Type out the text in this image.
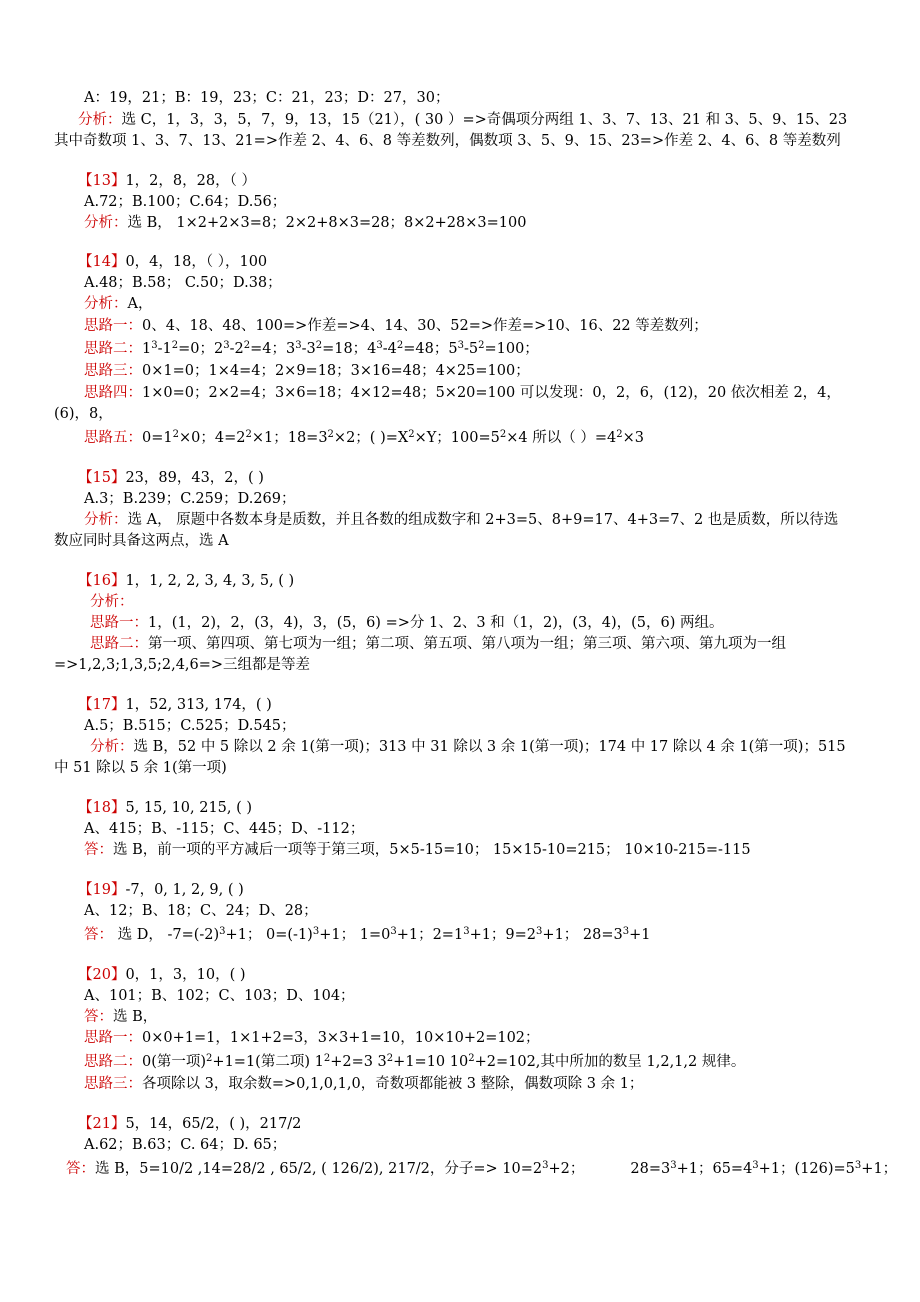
A：19，21；B：19，23；C：21，23；D：27，30；
分析：选 C，1，3，3，5，7，9，13，15（21），( 30 ）=>奇偶项分两组 1、3、7、13、21 和 3、5、9、15、23
其中奇数项 1、3、7、13、21=>作差 2、4、6、8 等差数列，偶数项 3、5、9、15、23=>作差 2、4、6、8 等差数列
【13】1，2，8，28，（ ）
A.72；B.100；C.64；D.56；
分析：选 B， 1×2+2×3=8；2×2+8×3=28；8×2+28×3=100
【14】0，4，18，（ ），100
A.48；B.58； C.50；D.38；
分析：A，
思路一：0、4、18、48、100=>作差=>4、14、30、52=>作差=>10、16、22 等差数列；
思路二：$1^3-1^2=0$；$2^3-2^2=4$；$3^3-3^2=18$；$4^3-4^2=48$；$5^3-5^2=100$；
思路三：0×1=0；1×4=4；2×9=18；3×16=48；4×25=100；
思路四：1×0=0；2×2=4；3×6=18；4×12=48；5×20=100 可以发现：0，2，6，(12)，20 依次相差 2，4，
(6)，8，
思路五：$0=1^2\times 0$；$4=2^2\times 1$；$18=3^2\times 2$；( )$=X^2\times Y$；$100=5^2\times 4$ 所以（ ）$=4^2\times 3$
【15】23，89，43，2，( )
A.3；B.239；C.259；D.269；
分析：选 A， 原题中各数本身是质数，并且各数的组成数字和 2+3=5、8+9=17、4+3=7、2 也是质数，所以待选
数应同时具备这两点，选 A
【16】1，1, 2, 2, 3, 4, 3, 5, ( )
分析：
思路一：1，(1，2)，2，(3，4)，3，(5，6) =>分 1、2、3 和（1，2)，(3，4)，(5，6) 两组。
思路二：第一项、第四项、第七项为一组；第二项、第五项、第八项为一组；第三项、第六项、第九项为一组
=>1,2,3;1,3,5;2,4,6=>三组都是等差
【17】1，52, 313, 174，( )
A.5；B.515；C.525；D.545；
分析：选 B，52 中 5 除以 2 余 1(第一项)；313 中 31 除以 3 余 1(第一项)；174 中 17 除以 4 余 1(第一项)；515
中 51 除以 5 余 1(第一项)
【18】5, 15, 10, 215, ( )
A、415；B、-115；C、445；D、-112；
答：选 B，前一项的平方减后一项等于第三项，5×5-15=10； 15×15-10=215； 10×10-215=-115
【19】-7，0, 1, 2, 9, ( )
A、12；B、18；C、24；D、28；
答： 选 D， $-7=(-2)^3+1$； $0=(-1)^3+1$； $1=0^3+1$；$2=1^3+1$；$9=2^3+1$； $28=3^3+1$
【20】0，1，3，10，( )
A、101；B、102；C、103；D、104；
答：选 B，
思路一：0×0+1=1，1×1+2=3，3×3+1=10，10×10+2=102；
思路二：0(第一项)$^2$+1=1(第二项) $1^2+2=3$ $3^2+1=10$ $10^2+2=102$,其中所加的数呈 1,2,1,2 规律。
思路三：各项除以 3，取余数=>0,1,0,1,0，奇数项都能被 3 整除，偶数项除 3 余 1；
【21】5，14，65/2，( )，217/2
A.62；B.63；C. 64；D. 65；
答：选 B，5=10/2 ,14=28/2 , 65/2, ( 126/2), 217/2，分子=> $10=2^3+2$；	$28=3^3+1$；$65=4^3+1$；$(126)=5^3+1$；
